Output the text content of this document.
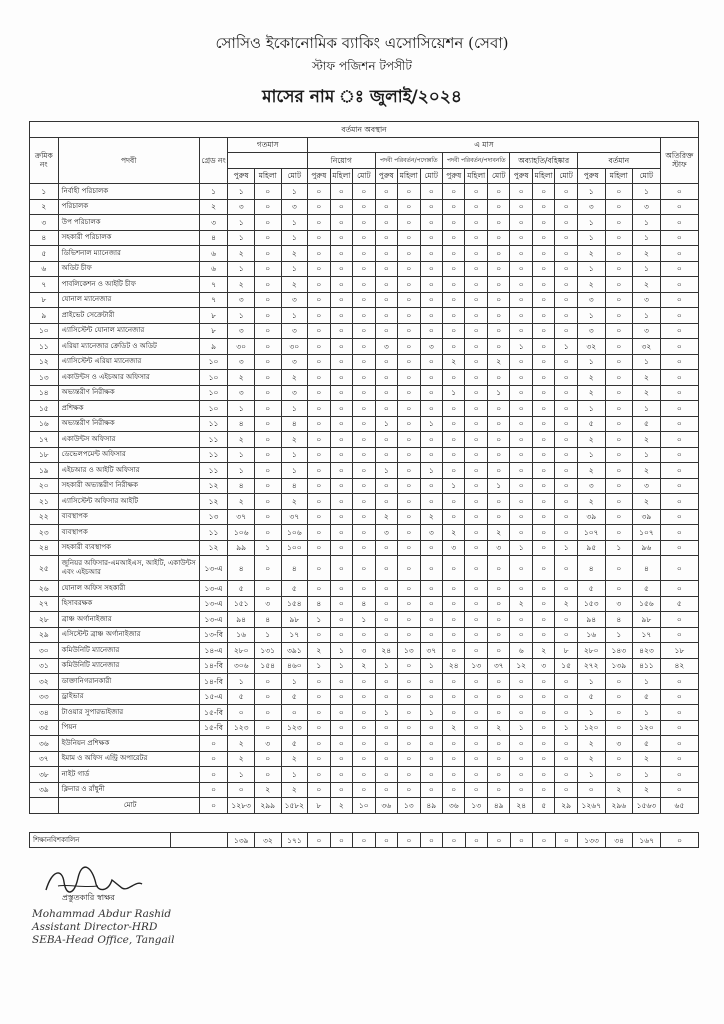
সোসিও ইকোনোমিক ব্যাকিং এসোসিয়েশন (সেবা)
স্টাফ পজিশন টপসীট
মাসের নাম ঃ জুলাই/২০২৪
বর্তমান অবস্থান																					
ক্রমিক নং	পদবী	গ্রেড নং	গতমাস			এ মাস															অতিরিক্ত স্টাফ
						নিয়োগ			পদবী পরিবর্তন/পদোন্নতি			পদবী পরিবর্তন/পদাবনতি			অব্যাহতি/বহিষ্কার			বর্তমান			
			পুরুষ	মহিলা	মোট	পুরুষ	মহিলা	মোট	পুরুষ	মহিলা	মোট	পুরুষ	মহিলা	মোট	পুরুষ	মহিলা	মোট	পুরুষ	মহিলা	মোট	
১	নির্বাহী পরিচালক	১	১	০	১	০	০	০	০	০	০	০	০	০	০	০	০	১	০	১	০
২	পরিচালক	২	৩	০	৩	০	০	০	০	০	০	০	০	০	০	০	০	৩	০	৩	০
৩	উপ পরিচালক	৩	১	০	১	০	০	০	০	০	০	০	০	০	০	০	০	১	০	১	০
৪	সহকারী পরিচালক	৪	১	০	১	০	০	০	০	০	০	০	০	০	০	০	০	১	০	১	০
৫	ডিভিশনাল ম্যানেজার	৬	২	০	২	০	০	০	০	০	০	০	০	০	০	০	০	২	০	২	০
৬	অডিট চীফ	৬	১	০	১	০	০	০	০	০	০	০	০	০	০	০	০	১	০	১	০
৭	পাবলিকেশন ও আইটি চীফ	৭	২	০	২	০	০	০	০	০	০	০	০	০	০	০	০	২	০	২	০
৮	যোনাল ম্যানেজার	৭	৩	০	৩	০	০	০	০	০	০	০	০	০	০	০	০	৩	০	৩	০
৯	প্রাইভেট সেক্রেটারী	৮	১	০	১	০	০	০	০	০	০	০	০	০	০	০	০	১	০	১	০
১০	এ্যাসিস্টেন্ট যোনাল ম্যানেজার	৮	৩	০	৩	০	০	০	০	০	০	০	০	০	০	০	০	৩	০	৩	০
১১	এরিয়া ম্যানেজার ক্রেডিট ও অডিট	৯	৩০	০	৩০	০	০	০	৩	০	৩	০	০	০	১	০	১	৩২	০	৩২	০
১২	এ্যাসিস্টেন্ট এরিয়া ম্যানেজার	১০	৩	০	৩	০	০	০	০	০	০	২	০	২	০	০	০	১	০	১	০
১৩	একাউন্টস ও এইচআর অফিসার	১০	২	০	২	০	০	০	০	০	০	০	০	০	০	০	০	২	০	২	০
১৪	অভ্যন্তরীণ নিরীক্ষক	১০	৩	০	৩	০	০	০	০	০	০	১	০	১	০	০	০	২	০	২	০
১৫	প্রশিক্ষক	১০	১	০	১	০	০	০	০	০	০	০	০	০	০	০	০	১	০	১	০
১৬	অভ্যন্তরীণ নিরীক্ষক	১১	৪	০	৪	০	০	০	১	০	১	০	০	০	০	০	০	৫	০	৫	০
১৭	একাউন্টস অফিসার	১১	২	০	২	০	০	০	০	০	০	০	০	০	০	০	০	২	০	২	০
১৮	ডেভেলপমেন্ট অফিসার	১১	১	০	১	০	০	০	০	০	০	০	০	০	০	০	০	১	০	১	০
১৯	এইচআর ও আইটি অফিসার	১১	১	০	১	০	০	০	১	০	১	০	০	০	০	০	০	২	০	২	০
২০	সহকারী অভ্যন্তরীণ নিরীক্ষক	১২	৪	০	৪	০	০	০	০	০	০	১	০	১	০	০	০	৩	০	৩	০
২১	এ্যাসিস্টেন্ট অফিসার আইটি	১২	২	০	২	০	০	০	০	০	০	০	০	০	০	০	০	২	০	২	০
২২	ব্যবস্থাপক	১৩	৩৭	০	৩৭	০	০	০	২	০	২	০	০	০	০	০	০	৩৯	০	৩৯	০
২৩	ব্যবস্থাপক	১১	১০৬	০	১০৬	০	০	০	৩	০	৩	২	০	২	০	০	০	১০৭	০	১০৭	০
২৪	সহকারী ব্যবস্থাপক	১২	৯৯	১	১০০	০	০	০	০	০	০	৩	০	৩	১	০	১	৯৫	১	৯৬	০
২৫	জুনিয়র অফিসার-এমআইএস, আইটি, একাউন্টস এবং এইচআর	১৩-এ	৪	০	৪	০	০	০	০	০	০	০	০	০	০	০	০	৪	০	৪	০
২৬	যোনাল অফিস সহকারী	১৩-এ	৫	০	৫	০	০	০	০	০	০	০	০	০	০	০	০	৫	০	৫	০
২৭	হিসাবরক্ষক	১৩-এ	১৫১	৩	১৫৪	৪	০	৪	০	০	০	০	০	০	২	০	২	১৫৩	৩	১৫৬	৫
২৮	ব্রাঞ্চ অর্গানাইজার	১৩-এ	৯৪	৪	৯৮	১	০	১	০	০	০	০	০	০	০	০	০	৯৪	৪	৯৮	০
২৯	এসিস্টেন্ট ব্রাঞ্চ অর্গানাইজার	১৩-বি	১৬	১	১৭	০	০	০	০	০	০	০	০	০	০	০	০	১৬	১	১৭	০
৩০	কমিউনিটি ম্যানেজার	১৪-এ	২৮০	১৩১	৩৯১	২	১	৩	২৪	১৩	৩৭	০	০	০	৬	২	৮	২৮০	১৪৩	৪২৩	১৮
৩১	কমিউনিটি ম্যানেজার	১৪-বি	৩০৬	১৫৪	৪৬০	১	১	২	১	০	১	২৪	১৩	৩৭	১২	৩	১৫	২৭২	১৩৯	৪১১	৪২
৩২	ডাক্তানিগরানকারী	১৪-বি	১	০	১	০	০	০	০	০	০	০	০	০	০	০	০	১	০	১	০
৩৩	ড্রাইভার	১৫-এ	৫	০	৫	০	০	০	০	০	০	০	০	০	০	০	০	৫	০	৫	০
৩৪	টাওয়ার সুপারভাইজার	১৫-বি	০	০	০	০	০	০	১	০	১	০	০	০	০	০	০	১	০	১	০
৩৫	পিয়ন	১৫-বি	১২৩	০	১২৩	০	০	০	০	০	০	২	০	২	১	০	১	১২০	০	১২০	০
৩৬	ইউনিয়ন প্রশিক্ষক	০	২	৩	৫	০	০	০	০	০	০	০	০	০	০	০	০	২	৩	৫	০
৩৭	ইমাম ও অফিস এন্ট্রি অপারেটর	০	২	০	২	০	০	০	০	০	০	০	০	০	০	০	০	২	০	২	০
৩৮	নাইট গার্ড	০	১	০	১	০	০	০	০	০	০	০	০	০	০	০	০	১	০	১	০
৩৯	ক্লিনার ও রাঁধুনী	০	০	২	২	০	০	০	০	০	০	০	০	০	০	০	০	০	২	২	০
	মোট	০	১২৮৩	২৯৯	১৫৮২	৮	২	১০	৩৬	১৩	৪৯	৩৬	১৩	৪৯	২৪	৫	২৯	১২৬৭	২৯৬	১৫৬৩	৬৫
শিক্ষানবিশকালিন		১৩৯	৩২	১৭১	০	০	০	০	০	০	০	০	০	০	০	০	১৩৩	৩৪	১৬৭	০
প্রস্তুতকারি স্বাক্ষর
Mohammad Abdur Rashid
Assistant Director-HRD
SEBA-Head Office, Tangail
